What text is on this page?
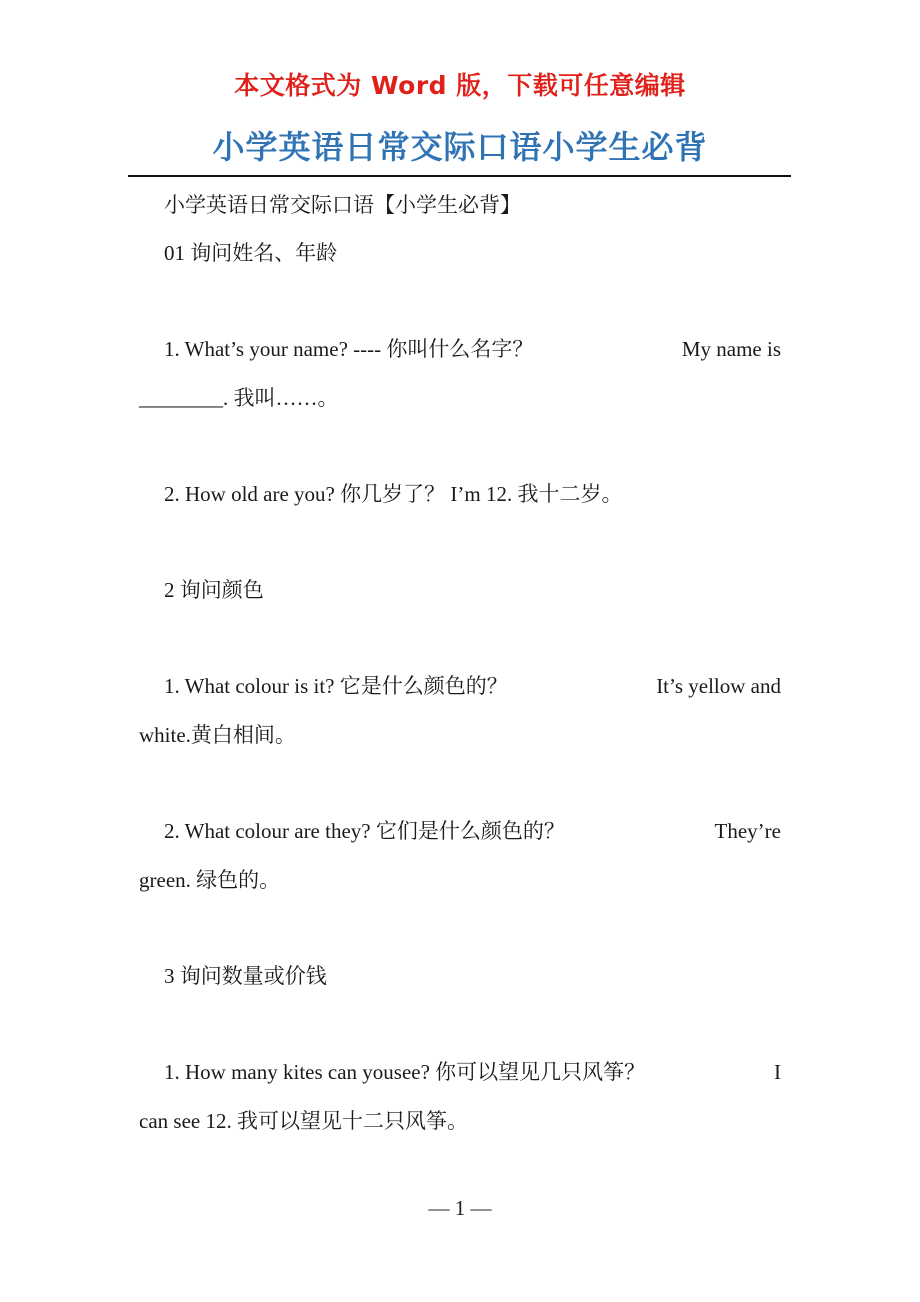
本文格式为 Word 版，下载可任意编辑
小学英语日常交际口语小学生必背
小学英语日常交际口语【小学生必背】
01 询问姓名、年龄
1. What’s your name? ---- 你叫什么名字？	My name is
________. 我叫……。
2. How old are you? 你几岁了？ I’m 12. 我十二岁。
2 询问颜色
1. What colour is it? 它是什么颜色的？	It’s yellow and
white.黄白相间。
2. What colour are they? 它们是什么颜色的？	They’re
green. 绿色的。
3 询问数量或价钱
1. How many kites can yousee? 你可以望见几只风筝？	I
can see 12. 我可以望见十二只风筝。
— 1 —
